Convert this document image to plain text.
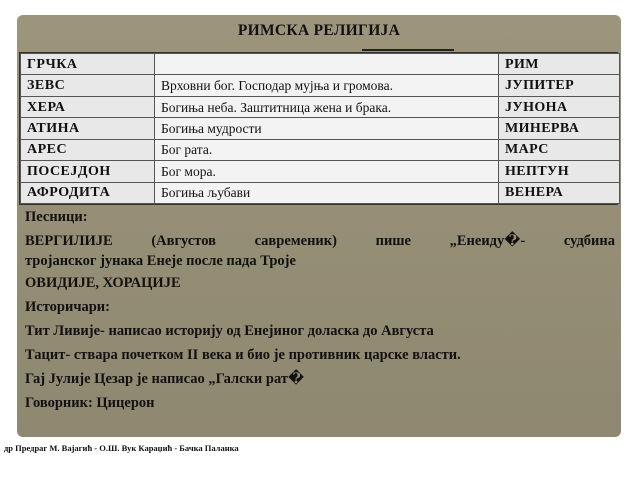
РИМСКА РЕЛИГИЈА
ГРЧКА		РИМ
ЗЕВС	Врховни бог. Господар мујња и громова.	ЈУПИТЕР
ХЕРА	Богиња неба. Заштитница жена и брака.	ЈУНОНА
АТИНА	Богиња мудрости	МИНЕРВА
АРЕС	Бог рата.	МАРС
ПОСЕЈДОН	Бог мора.	НЕПТУН
АФРОДИТА	Богиња љубави	ВЕНЕРА

Песници:

ВЕРГИЛИЈЕ (Августов савременик) пише „Енеиду�- судбина

тројанског јунака Енеје после пада Троје

ОВИДИЈЕ, ХОРАЦИЈЕ

Историчари:

Тит Ливије- написао историју од Енејиног доласка до Августа

Тацит- ствара почетком II века и био је противник царске власти.

Гај Јулије Цезар је написао „Галски рат�

Говорник: Цицерон

др Предраг М. Вајагић - О.Ш. Вук Караџић - Бачка Паланка
